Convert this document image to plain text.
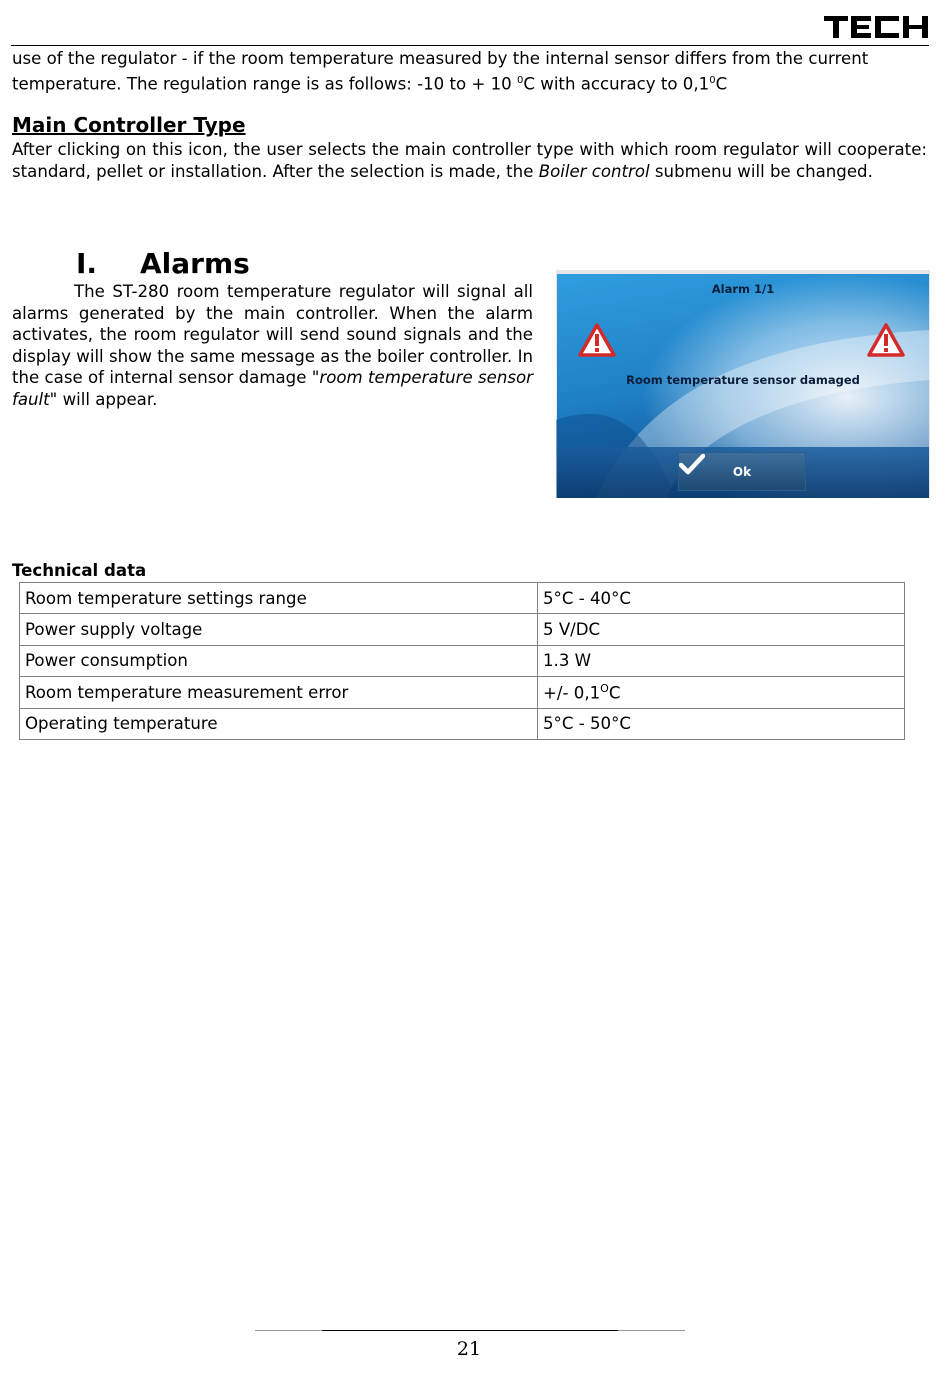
TECH
use of the regulator - if the room temperature measured by the internal sensor differs from the current
temperature. The regulation range is as follows: -10 to + 10 $^0$C with accuracy to $0,1^0C$
Main Controller Type
After clicking on this icon, the user selects the main controller type with which room regulator will cooperate: standard, pellet or installation. After the selection is made, the Boiler control submenu will be changed.
I. Alarms
The ST-280 room temperature regulator will signal all alarms generated by the main controller. When the alarm activates, the room regulator will send sound signals and the display will show the same message as the boiler controller. In the case of internal sensor damage "room temperature sensor fault" will appear.
Alarm 1/1
Room temperature sensor damaged
Ok
Technical data
Room temperature settings range	5°C - 40°C
Power supply voltage	5 V/DC
Power consumption	1.3 W
Room temperature measurement error	+/- $0,1^OC$
Operating temperature	5°C - 50°C
21
